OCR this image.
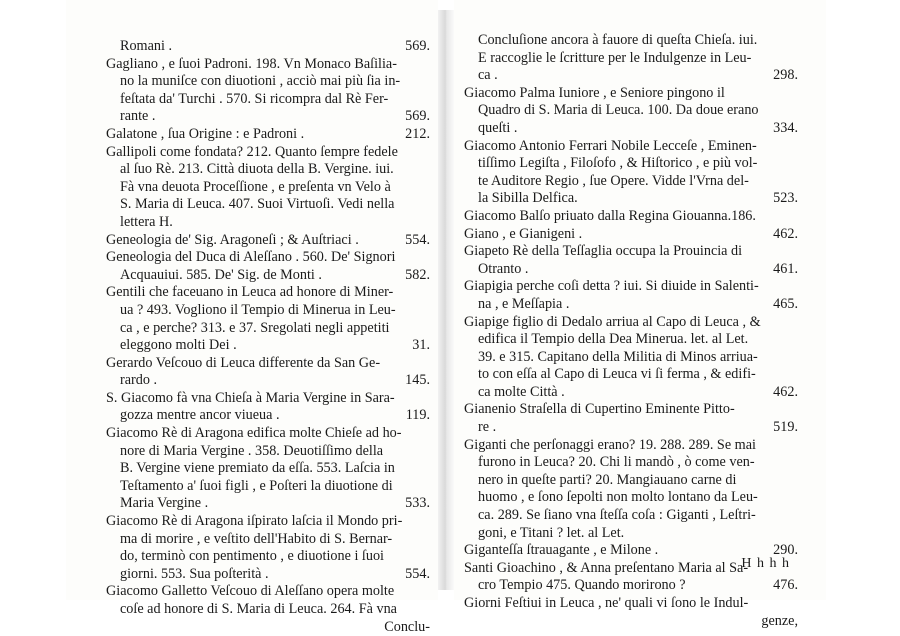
Romani .	569.
Gagliano , e ſuoi Padroni. 198. Vn Monaco Baſilia-
no la muniſce con diuotioni , acciò mai più ſia in-
feſtata da' Turchi . 570. Si ricompra dal Rè Fer-
rante .	569.
Galatone , ſua Origine : e Padroni .	212.
Gallipoli come fondata? 212. Quanto ſempre fedele
al ſuo Rè. 213. Città diuota della B. Vergine. iui.
Fà vna deuota Proceſſione , e preſenta vn Velo à
S. Maria di Leuca. 407. Suoi Virtuoſi. Vedi nella
lettera H.
Geneologia de' Sig. Aragoneſi ; & Auſtriaci .	554.
Geneologia del Duca di Aleſſano . 560. De' Signori
Acquauiui. 585. De' Sig. de Monti .	582.
Gentili che faceuano in Leuca ad honore di Miner-
ua ? 493. Vogliono il Tempio di Minerua in Leu-
ca , e perche? 313. e 37. Sregolati negli appetiti
eleggono molti Dei .	31.
Gerardo Veſcouo di Leuca differente da San Ge-
rardo .	145.
S. Giacomo fà vna Chieſa à Maria Vergine in Sara-
gozza mentre ancor viueua .	119.
Giacomo Rè di Aragona edifica molte Chieſe ad ho-
nore di Maria Vergine . 358. Deuotiſſimo della
B. Vergine viene premiato da eſſa. 553. Laſcia in
Teſtamento a' ſuoi figli , e Poſteri la diuotione di
Maria Vergine .	533.
Giacomo Rè di Aragona iſpirato laſcia il Mondo pri-
ma di morire , e veſtito dell'Habito di S. Bernar-
do, terminò con pentimento , e diuotione i ſuoi
giorni. 553. Sua poſterità .	554.
Giacomo Galletto Veſcouo di Aleſſano opera molte
coſe ad honore di S. Maria di Leuca. 264. Fà vna
Conclu-
Concluſione ancora à fauore di queſta Chieſa. iui.
E raccoglie le ſcritture per le Indulgenze in Leu-
ca .	298.
Giacomo Palma Iuniore , e Seniore pingono il
Quadro di S. Maria di Leuca. 100. Da doue erano
queſti .	334.
Giacomo Antonio Ferrari Nobile Lecceſe , Eminen-
tiſſimo Legiſta , Filoſofo , & Hiſtorico , e più vol-
te Auditore Regio , ſue Opere. Vidde l'Vrna del-
la Sibilla Delfica.	523.
Giacomo Balſo priuato dalla Regina Giouanna.186.
Giano , e Gianigeni .	462.
Giapeto Rè della Teſſaglia occupa la Prouincia di
Otranto .	461.
Giapigia perche coſi detta ? iui. Si diuide in Salenti-
na , e Meſſapia .	465.
Giapige figlio di Dedalo arriua al Capo di Leuca , &
edifica il Tempio della Dea Minerua. let. al Let.
39. e 315. Capitano della Militia di Minos arriua-
to con eſſa al Capo di Leuca vi ſi ferma , & edifi-
ca molte Città .	462.
Gianenio Straſella di Cupertino Eminente Pitto-
re .	519.
Giganti che perſonaggi erano? 19. 288. 289. Se mai
furono in Leuca? 20. Chi li mandò , ò come ven-
nero in queſte parti? 20. Mangiauano carne di
huomo , e ſono ſepolti non molto lontano da Leu-
ca. 289. Se ſiano vna ſteſſa coſa : Giganti , Leſtri-
goni, e Titani ? let. al Let.
Giganteſſa ſtrauagante , e Milone .	290.
Santi Gioachino , & Anna preſentano Maria al Sa-
cro Tempio 475. Quando morirono ?	476.
Giorni Feſtiui in Leuca , ne' quali vi ſono le Indul-
genze,
H h h h
